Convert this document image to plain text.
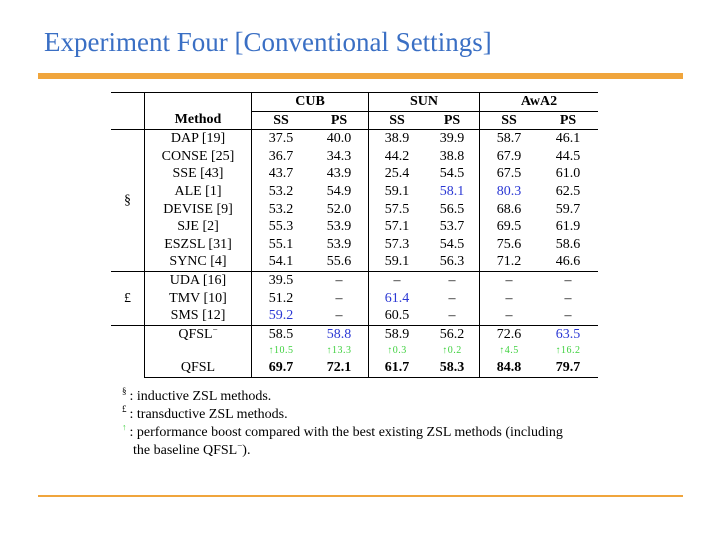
Experiment Four [Conventional Settings]
		CUB		SUN		AwA2	
	Method	SS	PS	SS	PS	SS	PS
§	DAP [19]	37.5	40.0	38.9	39.9	58.7	46.1
	CONSE [25]	36.7	34.3	44.2	38.8	67.9	44.5
	SSE [43]	43.7	43.9	25.4	54.5	67.5	61.0
	ALE [1]	53.2	54.9	59.1	58.1	80.3	62.5
	DEVISE [9]	53.2	52.0	57.5	56.5	68.6	59.7
	SJE [2]	55.3	53.9	57.1	53.7	69.5	61.9
	ESZSL [31]	55.1	53.9	57.3	54.5	75.6	58.6
	SYNC [4]	54.1	55.6	59.1	56.3	71.2	46.6
£	UDA [16]	39.5	–	–	–	–	–
	TMV [10]	51.2	–	61.4	–	–	–
	SMS [12]	59.2	–	60.5	–	–	–
	QFSL−	58.5	58.8	58.9	56.2	72.6	63.5
		↑10.5	↑13.3	↑0.3	↑0.2	↑4.5	↑16.2
	QFSL	69.7	72.1	61.7	58.3	84.8	79.7
§ : inductive ZSL methods.
£ : transductive ZSL methods.
↑ : performance boost compared with the best existing ZSL methods (including
the baseline QFSL−).
